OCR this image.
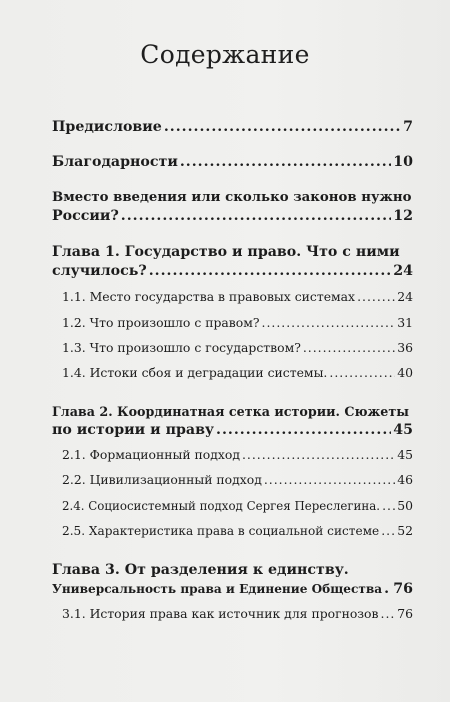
Содержание
Предисловие .....	7
Благодарности .....	10
Вместо введения или сколько законов нужно
России? .....	12
Глава 1. Государство и право. Что с ними
случилось? .....	24
1.1. Место государства в правовых системах .....	24
1.2. Что произошло с правом? .....	31
1.3. Что произошло с государством? .....	36
1.4. Истоки сбоя и деградации системы. .....	40
Глава 2. Координатная сетка истории. Сюжеты
по истории и праву .....	45
2.1. Формационный подход .....	45
2.2. Цивилизационный подход .....	46
2.4. Социосистемный подход Сергея Переслегина. ..... 50
2.5. Характеристика права в социальной системе ..... 52
Глава 3. От разделения к единству.
Универсальность права и Единение Общества ..... 76
3.1. История права как источник для прогнозов ..... 76
